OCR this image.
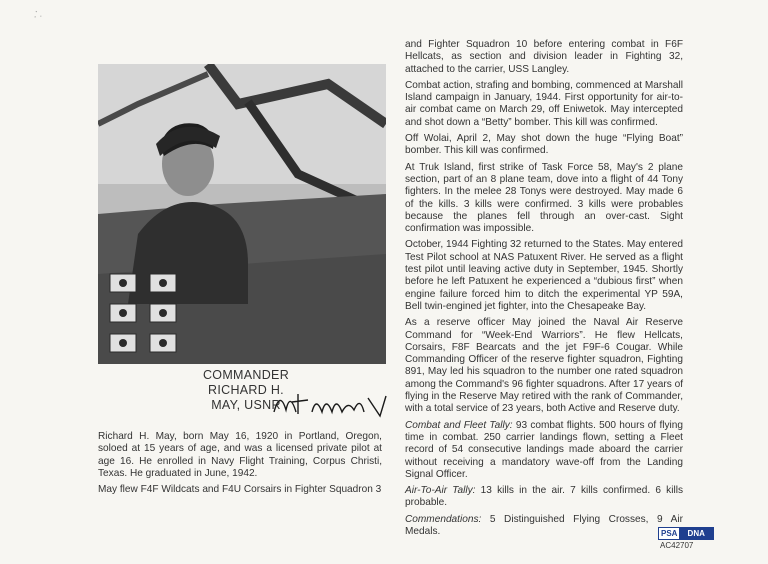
⁚ ·
COMMANDER RICHARD H.
MAY, USNR

Richard H. May, born May 16, 1920 in Portland, Oregon, soloed at 15 years of age, and was a licensed private pilot at age 16. He enrolled in Navy Flight Training, Corpus Christi, Texas. He graduated in June, 1942.

May flew F4F Wildcats and F4U Corsairs in Fighter Squadron 3

and Fighter Squadron 10 before entering combat in F6F Hellcats, as section and division leader in Fighting 32, attached to the carrier, USS Langley.

Combat action, strafing and bombing, commenced at Marshall Island campaign in January, 1944. First opportunity for air-to-air combat came on March 29, off Eniwetok. May intercepted and shot down a “Betty” bomber. This kill was confirmed.

Off Wolai, April 2, May shot down the huge “Flying Boat” bomber. This kill was confirmed.

At Truk Island, first strike of Task Force 58, May's 2 plane section, part of an 8 plane team, dove into a flight of 44 Tony fighters. In the melee 28 Tonys were destroyed. May made 6 of the kills. 3 kills were confirmed. 3 kills were probables because the planes fell through an over-cast. Sight confirmation was impossible.

October, 1944 Fighting 32 returned to the States. May entered Test Pilot school at NAS Patuxent River. He served as a flight test pilot until leaving active duty in September, 1945. Shortly before he left Patuxent he experienced a “dubious first” when engine failure forced him to ditch the experimental YP 59A, Bell twin-engined jet fighter, into the Chesapeake Bay.

As a reserve officer May joined the Naval Air Reserve Command for “Week-End Warriors”. He flew Hellcats, Corsairs, F8F Bearcats and the jet F9F-6 Cougar. While Commanding Officer of the reserve fighter squadron, Fighting 891, May led his squadron to the number one rated squadron among the Command's 96 fighter squadrons. After 17 years of flying in the Reserve May retired with the rank of Commander, with a total service of 23 years, both Active and Reserve duty.

Combat and Fleet Tally: 93 combat flights. 500 hours of flying time in combat. 250 carrier landings flown, setting a Fleet record of 54 consecutive landings made aboard the carrier without receiving a mandatory wave-off from the Landing Signal Officer.

Air-To-Air Tally: 13 kills in the air. 7 kills confirmed. 6 kills probable.

Commendations: 5 Distinguished Flying Crosses, 9 Air Medals.	PSA	DNA
AC42707
